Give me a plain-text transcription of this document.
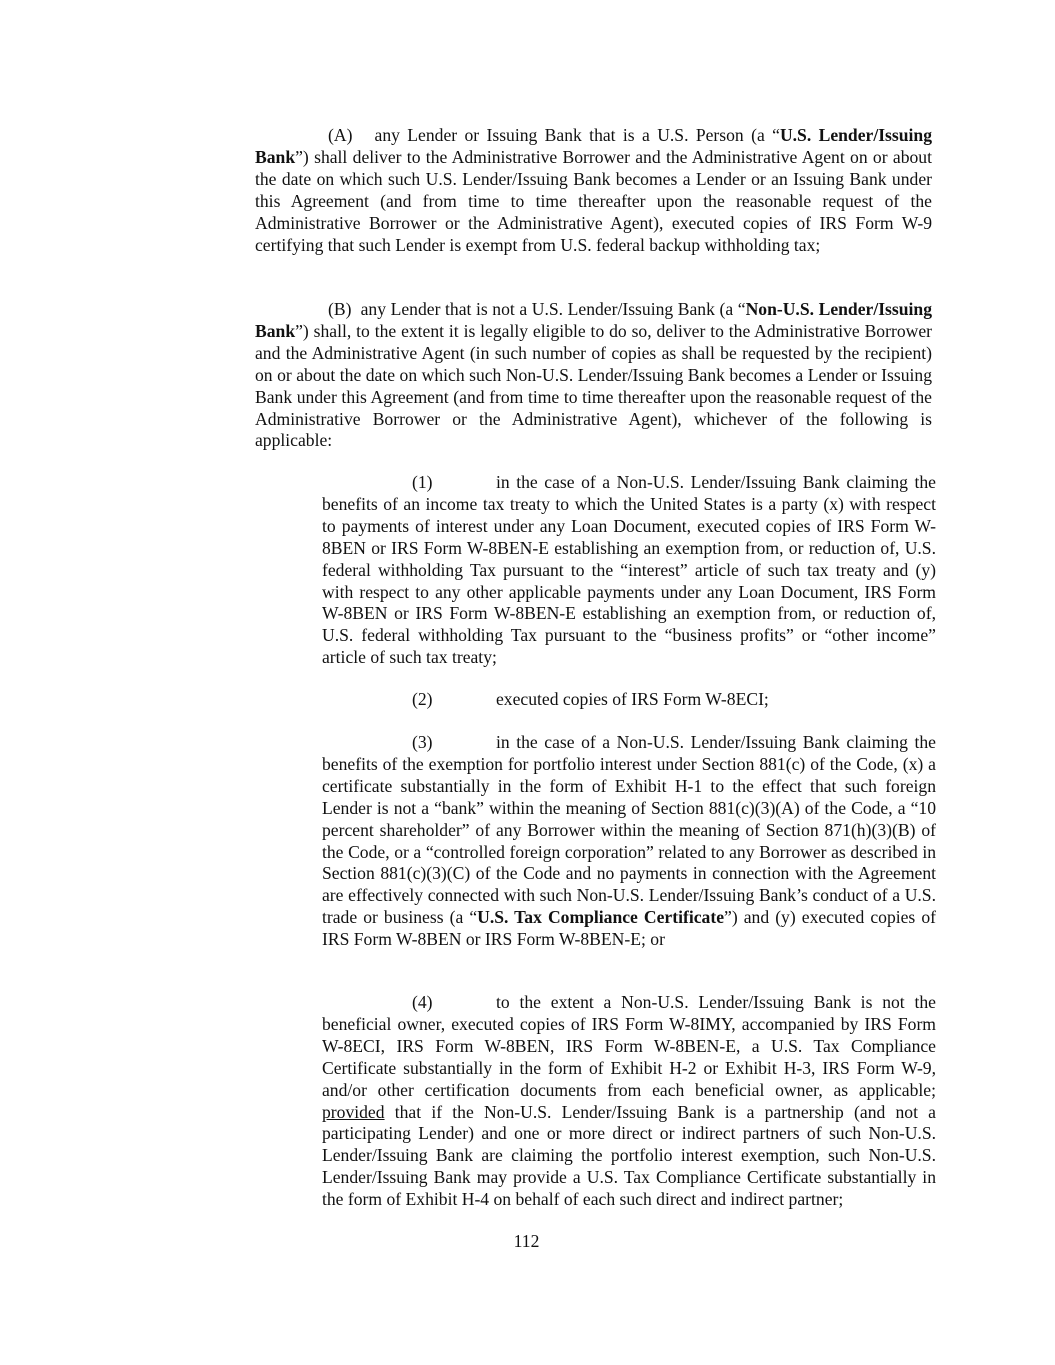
(A) any Lender or Issuing Bank that is a U.S. Person (a “U.S. Lender/Issuing Bank”) shall deliver to the Administrative Borrower and the Administrative Agent on or about the date on which such U.S. Lender/Issuing Bank becomes a Lender or an Issuing Bank under this Agreement (and from time to time thereafter upon the reasonable request of the Administrative Borrower or the Administrative Agent), executed copies of IRS Form W-9 certifying that such Lender is exempt from U.S. federal backup withholding tax;

(B) any Lender that is not a U.S. Lender/Issuing Bank (a “Non-U.S. Lender/Issuing Bank”) shall, to the extent it is legally eligible to do so, deliver to the Administrative Borrower and the Administrative Agent (in such number of copies as shall be requested by the recipient) on or about the date on which such Non-U.S. Lender/Issuing Bank becomes a Lender or Issuing Bank under this Agreement (and from time to time thereafter upon the reasonable request of the Administrative Borrower or the Administrative Agent), whichever of the following is applicable:

(1)	in the case of a Non-U.S. Lender/Issuing Bank claiming the benefits of an income tax treaty to which the United States is a party (x) with respect to payments of interest under any Loan Document, executed copies of IRS Form W-8BEN or IRS Form W-8BEN-E establishing an exemption from, or reduction of, U.S. federal withholding Tax pursuant to the “interest” article of such tax treaty and (y) with respect to any other applicable payments under any Loan Document, IRS Form W-8BEN or IRS Form W-8BEN-E establishing an exemption from, or reduction of, U.S. federal withholding Tax pursuant to the “business profits” or “other income” article of such tax treaty;

(2)	executed copies of IRS Form W-8ECI;

(3)	in the case of a Non-U.S. Lender/Issuing Bank claiming the benefits of the exemption for portfolio interest under Section 881(c) of the Code, (x) a certificate substantially in the form of Exhibit H-1 to the effect that such foreign Lender is not a “bank” within the meaning of Section 881(c)(3)(A) of the Code, a “10 percent shareholder” of any Borrower within the meaning of Section 871(h)(3)(B) of the Code, or a “controlled foreign corporation” related to any Borrower as described in Section 881(c)(3)(C) of the Code and no payments in connection with the Agreement are effectively connected with such Non-U.S. Lender/Issuing Bank’s conduct of a U.S. trade or business (a “U.S. Tax Compliance Certificate”) and (y) executed copies of IRS Form W-8BEN or IRS Form W-8BEN-E; or

(4)	to the extent a Non-U.S. Lender/Issuing Bank is not the beneficial owner, executed copies of IRS Form W-8IMY, accompanied by IRS Form W-8ECI, IRS Form W-8BEN, IRS Form W-8BEN-E, a U.S. Tax Compliance Certificate substantially in the form of Exhibit H-2 or Exhibit H-3, IRS Form W-9, and/or other certification documents from each beneficial owner, as applicable; provided that if the Non-U.S. Lender/Issuing Bank is a partnership (and not a participating Lender) and one or more direct or indirect partners of such Non-U.S. Lender/Issuing Bank are claiming the portfolio interest exemption, such Non-U.S. Lender/Issuing Bank may provide a U.S. Tax Compliance Certificate substantially in the form of Exhibit H-4 on behalf of each such direct and indirect partner;

112
